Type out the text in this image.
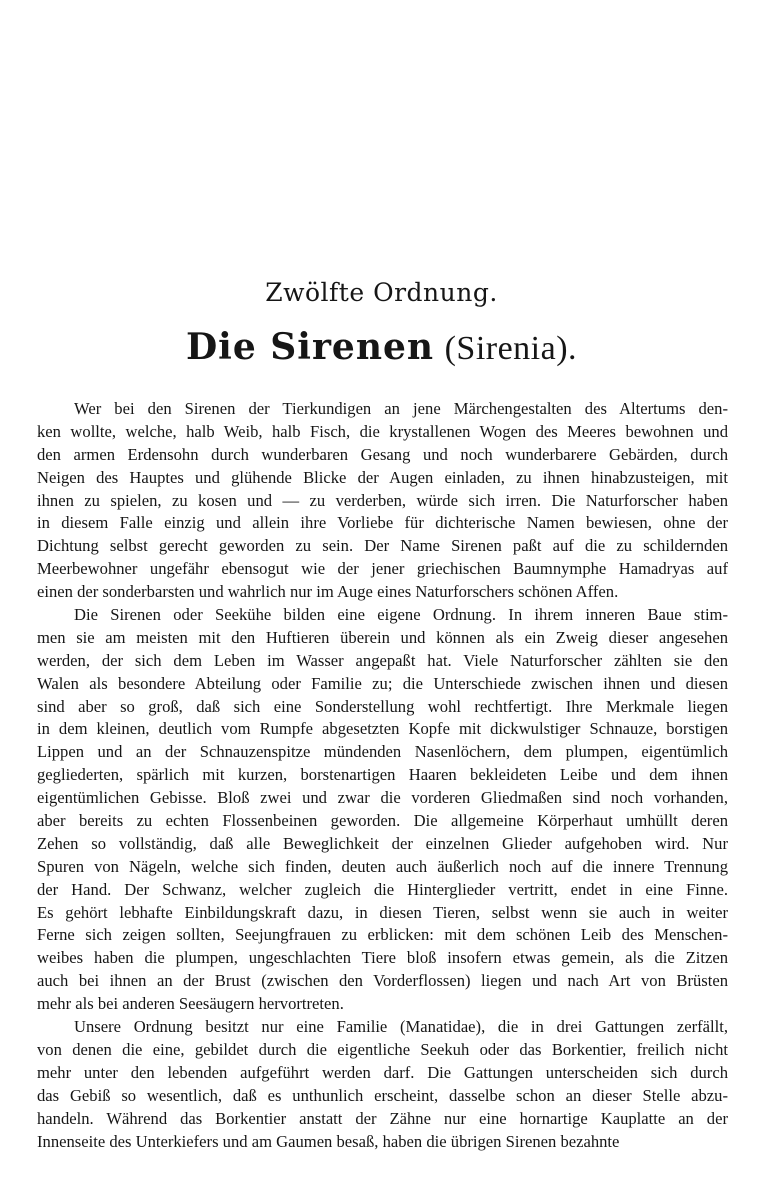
Zwölfte Ordnung.
Die Sirenen (Sirenia).
Wer bei den Sirenen der Tierkundigen an jene Märchengestalten des Altertums den-
ken wollte, welche, halb Weib, halb Fisch, die krystallenen Wogen des Meeres bewohnen und
den armen Erdensohn durch wunderbaren Gesang und noch wunderbarere Gebärden, durch
Neigen des Hauptes und glühende Blicke der Augen einladen, zu ihnen hinabzusteigen, mit
ihnen zu spielen, zu kosen und — zu verderben, würde sich irren. Die Naturforscher haben
in diesem Falle einzig und allein ihre Vorliebe für dichterische Namen bewiesen, ohne der
Dichtung selbst gerecht geworden zu sein. Der Name Sirenen paßt auf die zu schildernden
Meerbewohner ungefähr ebensogut wie der jener griechischen Baumnymphe Hamadryas auf
einen der sonderbarsten und wahrlich nur im Auge eines Naturforschers schönen Affen.
Die Sirenen oder Seekühe bilden eine eigene Ordnung. In ihrem inneren Baue stim-
men sie am meisten mit den Huftieren überein und können als ein Zweig dieser angesehen
werden, der sich dem Leben im Wasser angepaßt hat. Viele Naturforscher zählten sie den
Walen als besondere Abteilung oder Familie zu; die Unterschiede zwischen ihnen und diesen
sind aber so groß, daß sich eine Sonderstellung wohl rechtfertigt. Ihre Merkmale liegen
in dem kleinen, deutlich vom Rumpfe abgesetzten Kopfe mit dickwulstiger Schnauze, borstigen
Lippen und an der Schnauzenspitze mündenden Nasenlöchern, dem plumpen, eigentümlich
gegliederten, spärlich mit kurzen, borstenartigen Haaren bekleideten Leibe und dem ihnen
eigentümlichen Gebisse. Bloß zwei und zwar die vorderen Gliedmaßen sind noch vorhanden,
aber bereits zu echten Flossenbeinen geworden. Die allgemeine Körperhaut umhüllt deren
Zehen so vollständig, daß alle Beweglichkeit der einzelnen Glieder aufgehoben wird. Nur
Spuren von Nägeln, welche sich finden, deuten auch äußerlich noch auf die innere Trennung
der Hand. Der Schwanz, welcher zugleich die Hinterglieder vertritt, endet in eine Finne.
Es gehört lebhafte Einbildungskraft dazu, in diesen Tieren, selbst wenn sie auch in weiter
Ferne sich zeigen sollten, Seejungfrauen zu erblicken: mit dem schönen Leib des Menschen-
weibes haben die plumpen, ungeschlachten Tiere bloß insofern etwas gemein, als die Zitzen
auch bei ihnen an der Brust (zwischen den Vorderflossen) liegen und nach Art von Brüsten
mehr als bei anderen Seesäugern hervortreten.
Unsere Ordnung besitzt nur eine Familie (Manatidae), die in drei Gattungen zerfällt,
von denen die eine, gebildet durch die eigentliche Seekuh oder das Borkentier, freilich nicht
mehr unter den lebenden aufgeführt werden darf. Die Gattungen unterscheiden sich durch
das Gebiß so wesentlich, daß es unthunlich erscheint, dasselbe schon an dieser Stelle abzu-
handeln. Während das Borkentier anstatt der Zähne nur eine hornartige Kauplatte an der
Innenseite des Unterkiefers und am Gaumen besaß, haben die übrigen Sirenen bezahnte
